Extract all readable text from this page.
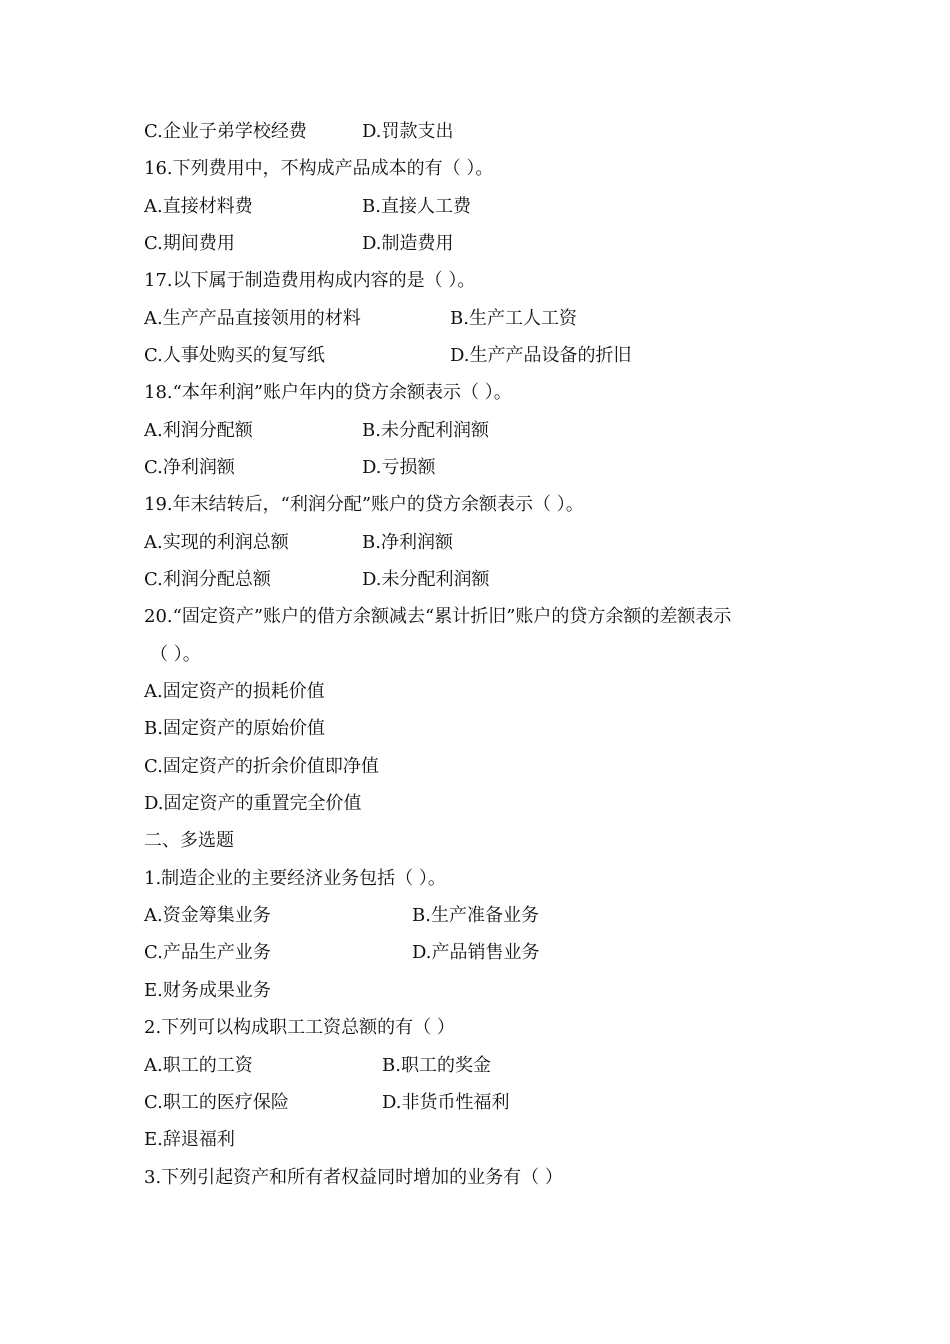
C.企业子弟学校经费	D.罚款支出
16.下列费用中，不构成产品成本的有（ ）。
A.直接材料费	B.直接人工费
C.期间费用	D.制造费用
17.以下属于制造费用构成内容的是（ ）。
A.生产产品直接领用的材料	B.生产工人工资
C.人事处购买的复写纸	D.生产产品设备的折旧
18.“本年利润”账户年内的贷方余额表示（ ）。
A.利润分配额	B.未分配利润额
C.净利润额	D.亏损额
19.年末结转后，“利润分配”账户的贷方余额表示（ ）。
A.实现的利润总额	B.净利润额
C.利润分配总额	D.未分配利润额
20.“固定资产”账户的借方余额减去“累计折旧”账户的贷方余额的差额表示
（ ）。
A.固定资产的损耗价值
B.固定资产的原始价值
C.固定资产的折余价值即净值
D.固定资产的重置完全价值
二、多选题
1.制造企业的主要经济业务包括（ ）。
A.资金筹集业务	B.生产准备业务
C.产品生产业务	D.产品销售业务
E.财务成果业务
2.下列可以构成职工工资总额的有（ ）
A.职工的工资	B.职工的奖金
C.职工的医疗保险	D.非货币性福利
E.辞退福利
3.下列引起资产和所有者权益同时增加的业务有（ ）
